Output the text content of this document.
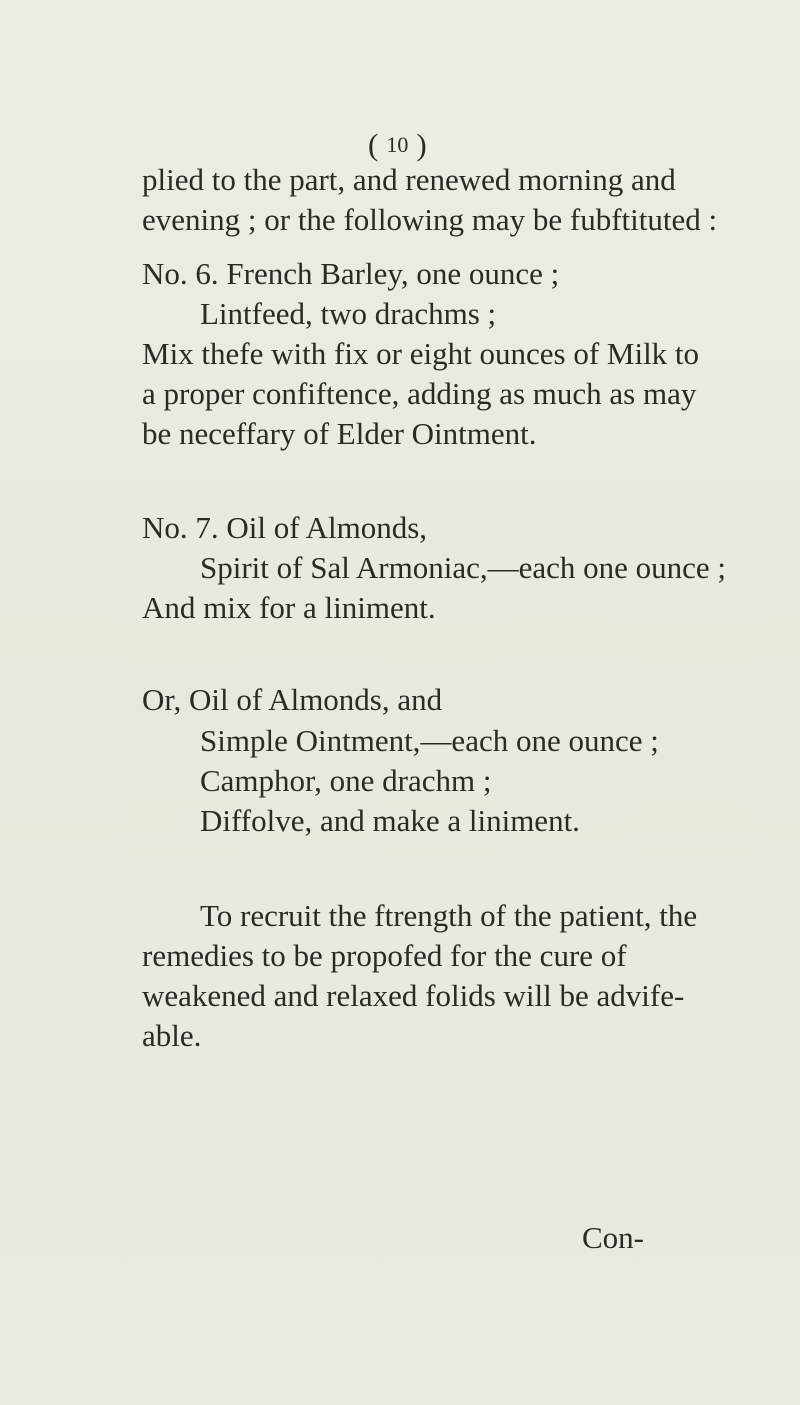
( 10 )
plied to the part, and renewed morning and
evening ; or the following may be fubftituted :
No. 6. French Barley, one ounce ;
Lintfeed, two drachms ;
Mix thefe with fix or eight ounces of Milk to
a proper confiftence, adding as much as may
be neceffary of Elder Ointment.
No. 7. Oil of Almonds,
Spirit of Sal Armoniac,—each one ounce ;
And mix for a liniment.
Or, Oil of Almonds, and
Simple Ointment,—each one ounce ;
Camphor, one drachm ;
Diffolve, and make a liniment.
To recruit the ftrength of the patient, the
remedies to be propofed for the cure of
weakened and relaxed folids will be advife-
able.
Con-
